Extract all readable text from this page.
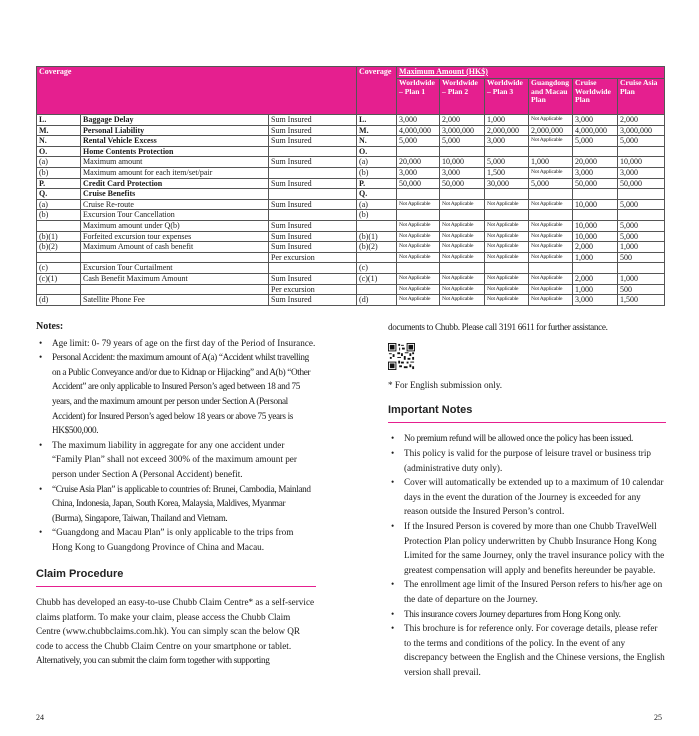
Coverage			Coverage	Maximum Amount (HK$)					
				Worldwide – Plan 1	Worldwide – Plan 2	Worldwide – Plan 3	Guangdong and Macau Plan	Cruise Worldwide Plan	Cruise Asia Plan
L.	Baggage Delay	Sum Insured	L.	3,000	2,000	1,000	Not Applicable	3,000	2,000
M.	Personal Liability	Sum Insured	M.	4,000,000	3,000,000	2,000,000	2,000,000	4,000,000	3,000,000
N.	Rental Vehicle Excess	Sum Insured	N.	5,000	5,000	3,000	Not Applicable	5,000	5,000
O.	Home Contents Protection		O.						
(a)	Maximum amount	Sum Insured	(a)	20,000	10,000	5,000	1,000	20,000	10,000
(b)	Maximum amount for each item/set/pair		(b)	3,000	3,000	1,500	Not Applicable	3,000	3,000
P.	Credit Card Protection	Sum Insured	P.	50,000	50,000	30,000	5,000	50,000	50,000
Q.	Cruise Benefits		Q.						
(a)	Cruise Re-route	Sum Insured	(a)	Not Applicable	Not Applicable	Not Applicable	Not Applicable	10,000	5,000
(b)	Excursion Tour Cancellation		(b)						
	Maximum amount under Q(b)	Sum Insured		Not Applicable	Not Applicable	Not Applicable	Not Applicable	10,000	5,000
(b)(1)	Forfeited excursion tour expenses	Sum Insured	(b)(1)	Not Applicable	Not Applicable	Not Applicable	Not Applicable	10,000	5,000
(b)(2)	Maximum Amount of cash benefit	Sum Insured	(b)(2)	Not Applicable	Not Applicable	Not Applicable	Not Applicable	2,000	1,000
		Per excursion		Not Applicable	Not Applicable	Not Applicable	Not Applicable	1,000	500
(c)	Excursion Tour Curtailment		(c)						
(c)(1)	Cash Benefit Maximum Amount	Sum Insured	(c)(1)	Not Applicable	Not Applicable	Not Applicable	Not Applicable	2,000	1,000
		Per excursion		Not Applicable	Not Applicable	Not Applicable	Not Applicable	1,000	500
(d)	Satellite Phone Fee	Sum Insured	(d)	Not Applicable	Not Applicable	Not Applicable	Not Applicable	3,000	1,500
Notes:
• Age limit: 0- 79 years of age on the first day of the Period of Insurance.
• Personal Accident: the maximum amount of A(a) “Accident whilst travelling on a Public Conveyance and/or due to Kidnap or Hijacking” and A(b) “Other Accident” are only applicable to Insured Person’s aged between 18 and 75 years, and the maximum amount per person under Section A (Personal Accident) for Insured Person’s aged below 18 years or above 75 years is HK$500,000.
• The maximum liability in aggregate for any one accident under “Family Plan” shall not exceed 300% of the maximum amount per person under Section A (Personal Accident) benefit.
• “Cruise Asia Plan” is applicable to countries of: Brunei, Cambodia, Mainland China, Indonesia, Japan, South Korea, Malaysia, Maldives, Myanmar (Burma), Singapore, Taiwan, Thailand and Vietnam.
• “Guangdong and Macau Plan” is only applicable to the trips from Hong Kong to Guangdong Province of China and Macau.
Claim Procedure

Chubb has developed an easy-to-use Chubb Claim Centre* as a self-service claims platform. To make your claim, please access the Chubb Claim Centre (www.chubbclaims.com.hk). You can simply scan the below QR code to access the Chubb Claim Centre on your smartphone or tablet.

Alternatively, you can submit the claim form together with supporting

documents to Chubb. Please call 3191 6611 for further assistance.

* For English submission only.

Important Notes
• No premium refund will be allowed once the policy has been issued.
• This policy is valid for the purpose of leisure travel or business trip (administrative duty only).
• Cover will automatically be extended up to a maximum of 10 calendar days in the event the duration of the Journey is exceeded for any reason outside the Insured Person’s control.
• If the Insured Person is covered by more than one Chubb TravelWell Protection Plan policy underwritten by Chubb Insurance Hong Kong Limited for the same Journey, only the travel insurance policy with the greatest compensation will apply and benefits hereunder be payable.
• The enrollment age limit of the Insured Person refers to his/her age on the date of departure on the Journey.
• This insurance covers Journey departures from Hong Kong only.
• This brochure is for reference only. For coverage details, please refer to the terms and conditions of the policy. In the event of any discrepancy between the English and the Chinese versions, the English version shall prevail.
24	25
